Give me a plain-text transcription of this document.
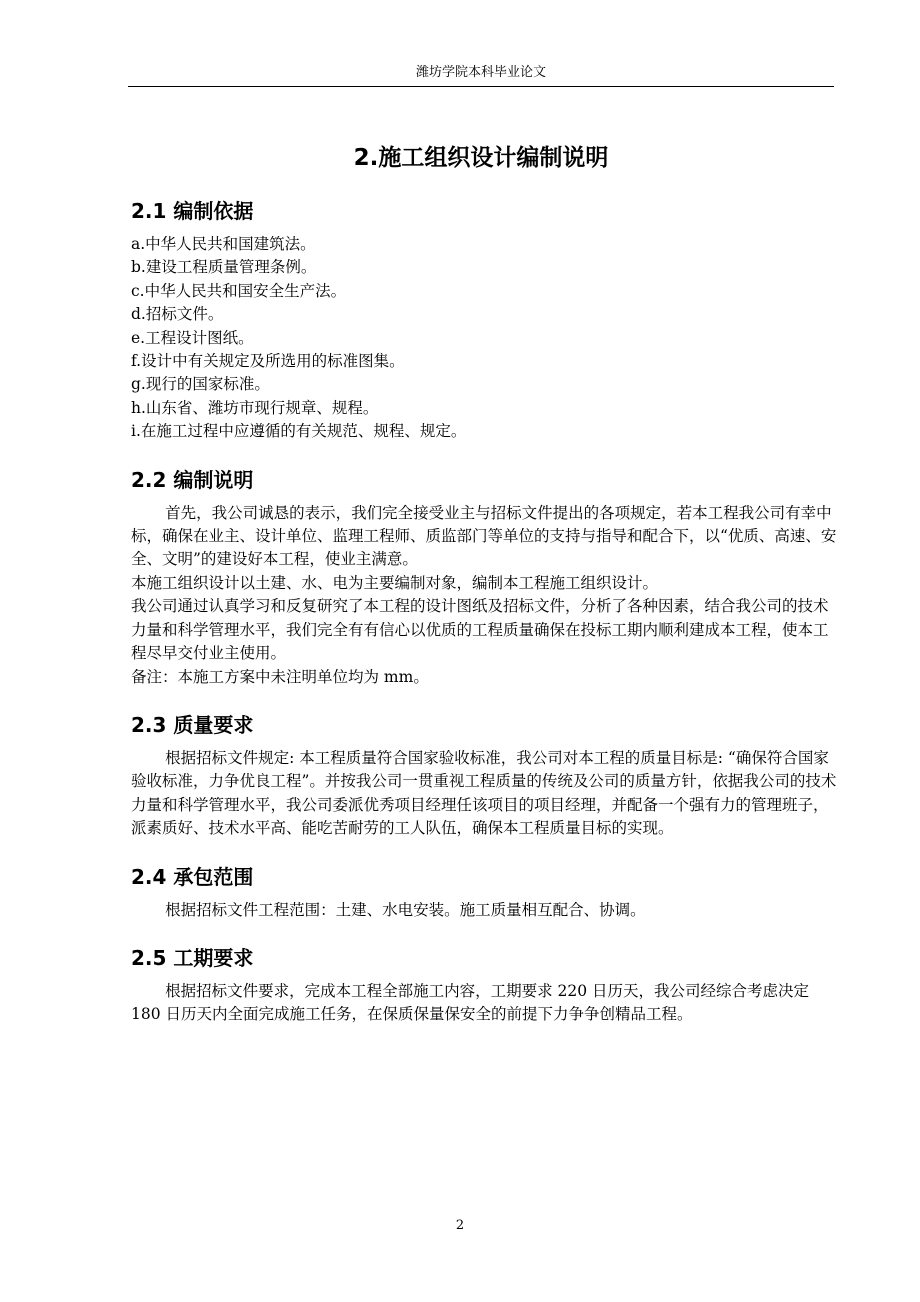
潍坊学院本科毕业论文
2.施工组织设计编制说明
2.1 编制依据

a.中华人民共和国建筑法。

b.建设工程质量管理条例。

c.中华人民共和国安全生产法。

d.招标文件。

e.工程设计图纸。

f.设计中有关规定及所选用的标准图集。

g.现行的国家标准。

h.山东省、潍坊市现行规章、规程。

i.在施工过程中应遵循的有关规范、规程、规定。

2.2 编制说明

首先，我公司诚恳的表示，我们完全接受业主与招标文件提出的各项规定，若本工程我公司有幸中标，确保在业主、设计单位、监理工程师、质监部门等单位的支持与指导和配合下，以“优质、高速、安全、文明”的建设好本工程，使业主满意。

本施工组织设计以土建、水、电为主要编制对象，编制本工程施工组织设计。

我公司通过认真学习和反复研究了本工程的设计图纸及招标文件，分析了各种因素，结合我公司的技术力量和科学管理水平，我们完全有有信心以优质的工程质量确保在投标工期内顺利建成本工程，使本工程尽早交付业主使用。

备注：本施工方案中未注明单位均为 mm。

2.3 质量要求

根据招标文件规定: 本工程质量符合国家验收标准，我公司对本工程的质量目标是: “确保符合国家验收标准，力争优良工程”。并按我公司一贯重视工程质量的传统及公司的质量方针，依据我公司的技术力量和科学管理水平，我公司委派优秀项目经理任该项目的项目经理，并配备一个强有力的管理班子，派素质好、技术水平高、能吃苦耐劳的工人队伍，确保本工程质量目标的实现。

2.4 承包范围

根据招标文件工程范围：土建、水电安装。施工质量相互配合、协调。

2.5 工期要求

根据招标文件要求，完成本工程全部施工内容，工期要求 220 日历天，我公司经综合考虑决定 180 日历天内全面完成施工任务，在保质保量保安全的前提下力争争创精品工程。

2
